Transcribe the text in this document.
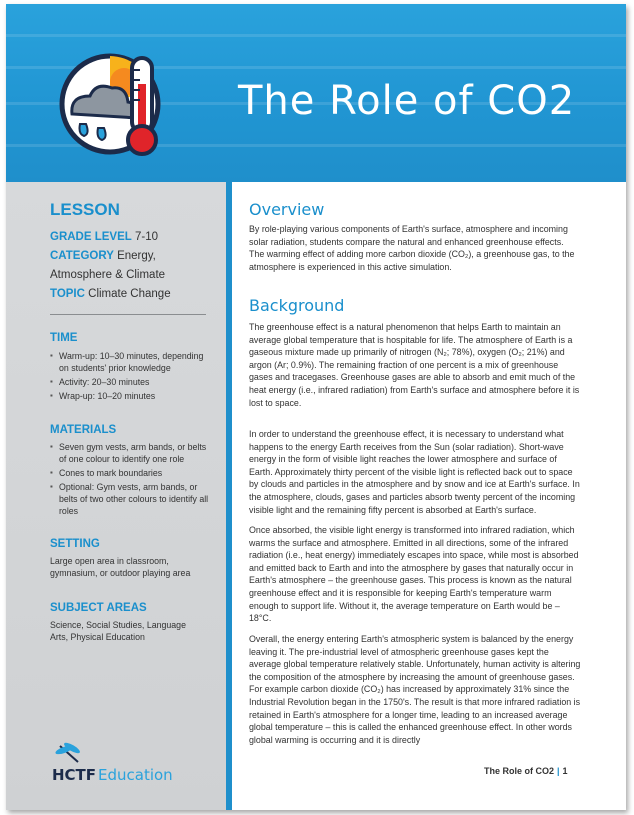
The Role of CO2
LESSON
GRADE LEVEL 7-10
CATEGORY Energy,
Atmosphere & Climate
TOPIC Climate Change
TIME
▪ Warm-up: 10–30 minutes, depending on students' prior knowledge
▪ Activity: 20–30 minutes
▪ Wrap-up: 10–20 minutes
MATERIALS
▪ Seven gym vests, arm bands, or belts of one colour to identify one role
▪ Cones to mark boundaries
▪ Optional: Gym vests, arm bands, or belts of two other colours to identify all roles
SETTING
Large open area in classroom, gymnasium, or outdoor playing area
SUBJECT AREAS
Science, Social Studies, Language Arts, Physical Education
HCTF Education
Overview

By role-playing various components of Earth's surface, atmosphere and incoming solar radiation, students compare the natural and enhanced greenhouse effects. The warming effect of adding more carbon dioxide (CO₂), a greenhouse gas, to the atmosphere is experienced in this active simulation.

Background

The greenhouse effect is a natural phenomenon that helps Earth to maintain an average global temperature that is hospitable for life. The atmosphere of Earth is a gaseous mixture made up primarily of nitrogen (N₂; 78%), oxygen (O₂; 21%) and argon (Ar; 0.9%). The remaining fraction of one percent is a mix of greenhouse gases and tracegases. Greenhouse gases are able to absorb and emit much of the heat energy (i.e., infrared radiation) from Earth's surface and atmosphere before it is lost to space.

In order to understand the greenhouse effect, it is necessary to understand what happens to the energy Earth receives from the Sun (solar radiation). Short-wave energy in the form of visible light reaches the lower atmosphere and surface of Earth. Approximately thirty percent of the visible light is reflected back out to space by clouds and particles in the atmosphere and by snow and ice at Earth's surface. In the atmosphere, clouds, gases and particles absorb twenty percent of the incoming visible light and the remaining fifty percent is absorbed at Earth's surface.

Once absorbed, the visible light energy is transformed into infrared radiation, which warms the surface and atmosphere. Emitted in all directions, some of the infrared radiation (i.e., heat energy) immediately escapes into space, while most is absorbed and emitted back to Earth and into the atmosphere by gases that naturally occur in Earth's atmosphere – the greenhouse gases. This process is known as the natural greenhouse effect and it is responsible for keeping Earth's temperature warm enough to support life. Without it, the average temperature on Earth would be –18°C.

Overall, the energy entering Earth's atmospheric system is balanced by the energy leaving it. The pre-industrial level of atmospheric greenhouse gases kept the average global temperature relatively stable. Unfortunately, human activity is altering the composition of the atmosphere by increasing the amount of greenhouse gases. For example carbon dioxide (CO₂) has increased by approximately 31% since the Industrial Revolution began in the 1750's. The result is that more infrared radiation is retained in Earth's atmosphere for a longer time, leading to an increased average global temperature – this is called the enhanced greenhouse effect. In other words global warming is occurring and it is directly

The Role of CO2 | 1
